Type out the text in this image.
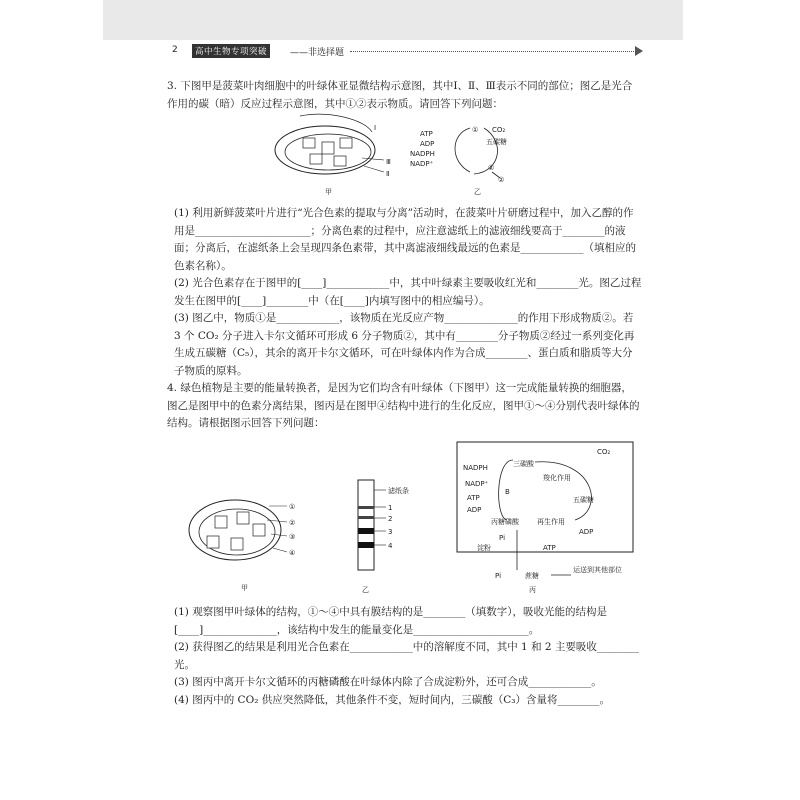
2	高中生物专项突破	——非选择题
3. 下图甲是菠菜叶肉细胞中的叶绿体亚显微结构示意图，其中Ⅰ、Ⅱ、Ⅲ表示不同的部位；图乙是光合作用的碳（暗）反应过程示意图，其中①②表示物质。请回答下列问题：
Ⅰ
Ⅲ
Ⅱ
甲
ATP
ADP
NADPH
NADP⁺
① CO₂
五碳糖
②
②
乙
(1) 利用新鲜菠菜叶片进行“光合色素的提取与分离”活动时，在菠菜叶片研磨过程中，加入乙醇的作用是______________________；分离色素的过程中，应注意滤纸上的滤液细线要高于________的液面；分离后，在滤纸条上会呈现四条色素带，其中离滤液细线最远的色素是____________（填相应的色素名称）。
(2) 光合色素存在于图甲的[____]____________中，其中叶绿素主要吸收红光和________光。图乙过程发生在图甲的[____]________中（在[____]内填写图中的相应编号）。
(3) 图乙中，物质①是____________，该物质在光反应产物______________的作用下形成物质②。若 3 个 CO₂ 分子进入卡尔文循环可形成 6 分子物质②，其中有________分子物质②经过一系列变化再生成五碳糖（C₅），其余的离开卡尔文循环，可在叶绿体内作为合成________、蛋白质和脂质等大分子物质的原料。
4. 绿色植物是主要的能量转换者，是因为它们均含有叶绿体（下图甲）这一完成能量转换的细胞器，图乙是图甲中的色素分离结果，图丙是在图甲④结构中进行的生化反应，图甲①～④分别代表叶绿体的结构。请根据图示回答下列问题：
①
②
③
④
甲
滤纸条
1
2
3
4
乙
CO₂
三碳酸
NADPH
羧化作用
NADP⁺
B
ATP	五碳糖
ADP
丙糖磷酸	再生作用
ADP
Pi
淀粉	ATP
Pi	蔗糖
运送到其他部位
丙
(1) 观察图甲叶绿体的结构，①～④中具有膜结构的是________（填数字），吸收光能的结构是[____]______________，该结构中发生的能量变化是______________________。
(2) 获得图乙的结果是利用光合色素在____________中的溶解度不同，其中 1 和 2 主要吸收________光。
(3) 图丙中离开卡尔文循环的丙糖磷酸在叶绿体内除了合成淀粉外，还可合成____________。
(4) 图丙中的 CO₂ 供应突然降低，其他条件不变，短时间内，三碳酸（C₃）含量将________。
